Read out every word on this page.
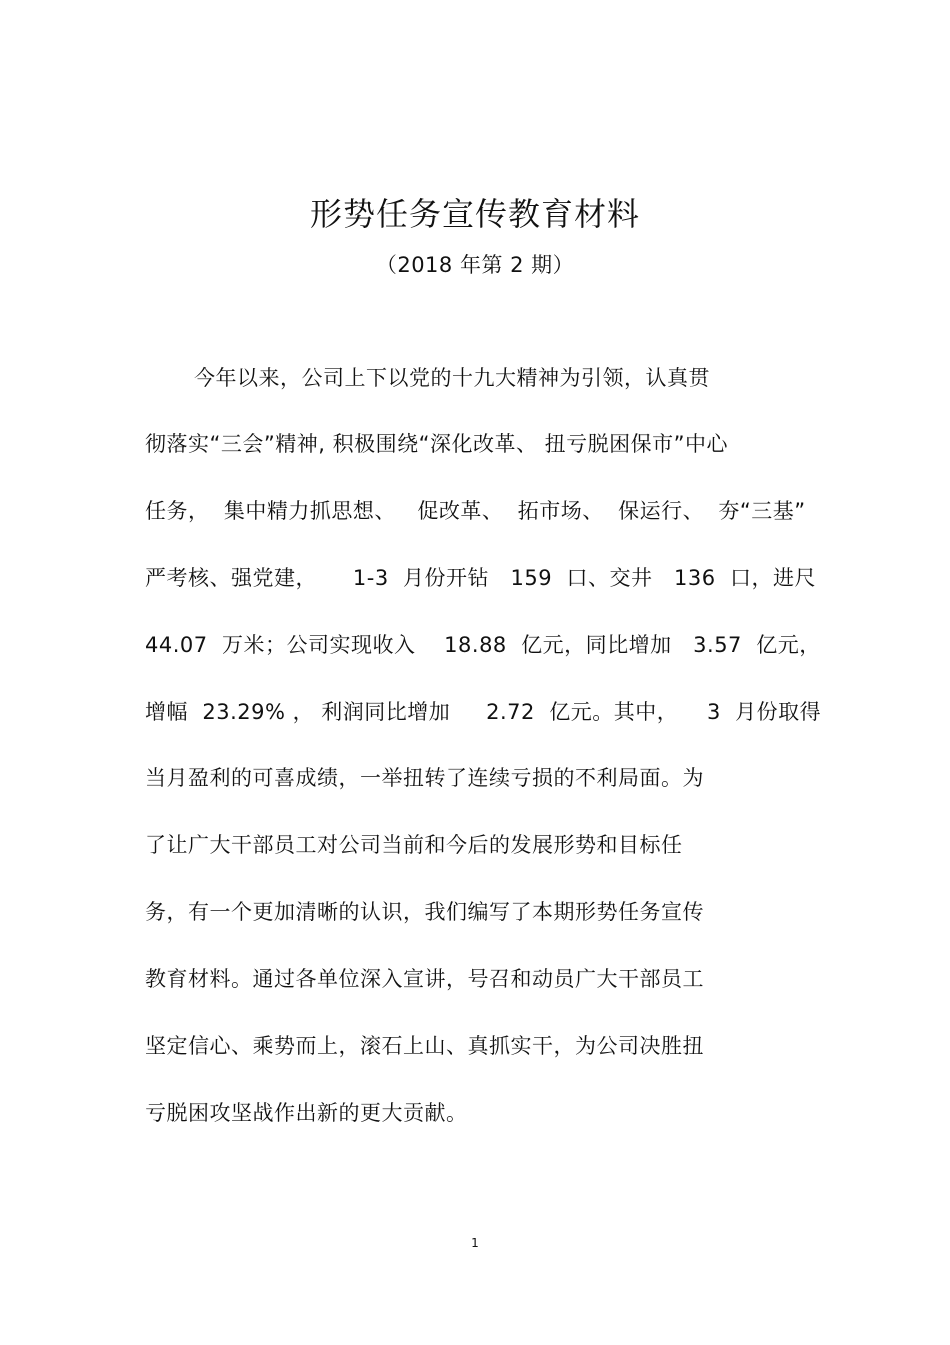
形势任务宣传教育材料
（2018 年第 2 期）
今年以来，公司上下以党的十九大精神为引领，认真贯
彻落实“三会”精神, 积极围绕“深化改革、 扭亏脱困保市”中心
任务，  集中精力抓思想、   促改革、  拓市场、  保运行、  夯“三基”
严考核、强党建，     1-3  月份开钻   159  口、交井   136  口，进尺
44.07  万米；公司实现收入    18.88  亿元，同比增加   3.57  亿元，
增幅  23.29% ， 利润同比增加     2.72  亿元。其中，    3  月份取得
当月盈利的可喜成绩，一举扭转了连续亏损的不利局面。为
了让广大干部员工对公司当前和今后的发展形势和目标任
务，有一个更加清晰的认识，我们编写了本期形势任务宣传
教育材料。通过各单位深入宣讲，号召和动员广大干部员工
坚定信心、乘势而上，滚石上山、真抓实干，为公司决胜扭
亏脱困攻坚战作出新的更大贡献。
1
